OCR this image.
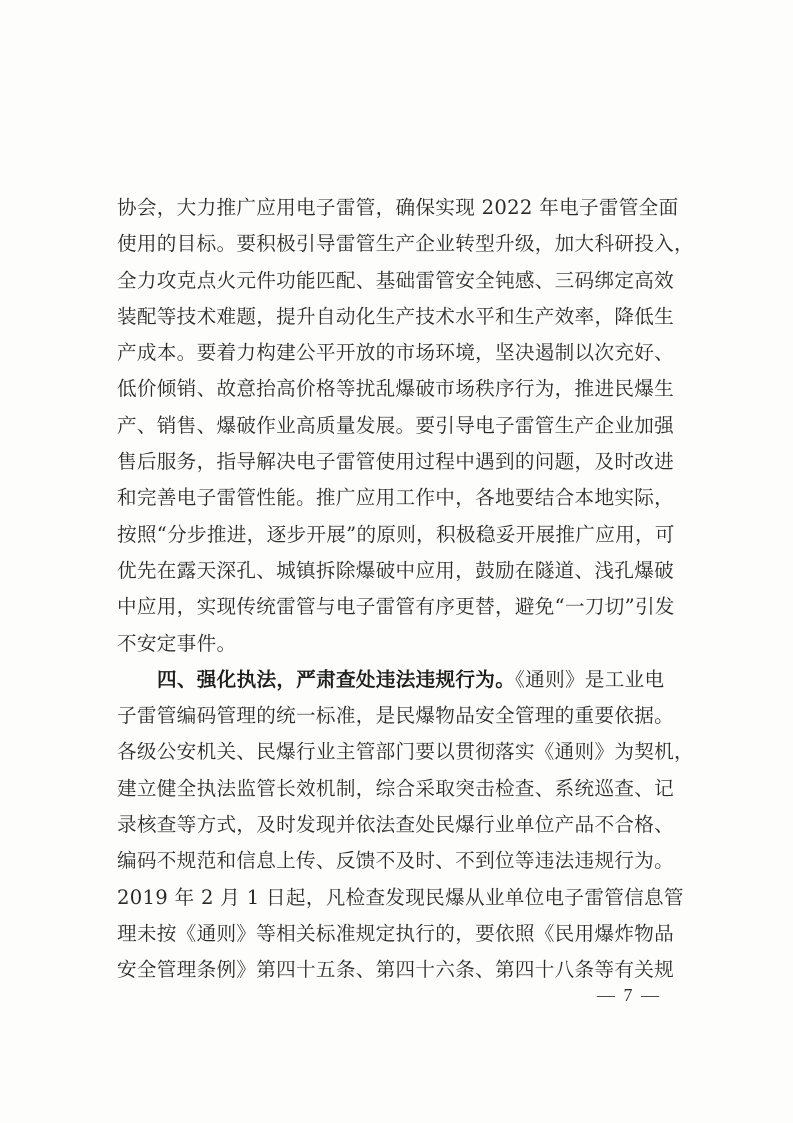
协会，大力推广应用电子雷管，确保实现 2022 年电子雷管全面
使用的目标。要积极引导雷管生产企业转型升级，加大科研投入，
全力攻克点火元件功能匹配、基础雷管安全钝感、三码绑定高效
装配等技术难题，提升自动化生产技术水平和生产效率，降低生
产成本。要着力构建公平开放的市场环境，坚决遏制以次充好、
低价倾销、故意抬高价格等扰乱爆破市场秩序行为，推进民爆生
产、销售、爆破作业高质量发展。要引导电子雷管生产企业加强
售后服务，指导解决电子雷管使用过程中遇到的问题，及时改进
和完善电子雷管性能。推广应用工作中，各地要结合本地实际，
按照“分步推进，逐步开展”的原则，积极稳妥开展推广应用，可
优先在露天深孔、城镇拆除爆破中应用，鼓励在隧道、浅孔爆破
中应用，实现传统雷管与电子雷管有序更替，避免“一刀切”引发
不安定事件。
四、强化执法，严肃查处违法违规行为。《通则》是工业电
子雷管编码管理的统一标准，是民爆物品安全管理的重要依据。
各级公安机关、民爆行业主管部门要以贯彻落实《通则》为契机，
建立健全执法监管长效机制，综合采取突击检查、系统巡查、记
录核查等方式，及时发现并依法查处民爆行业单位产品不合格、
编码不规范和信息上传、反馈不及时、不到位等违法违规行为。
2019 年 2 月 1 日起，凡检查发现民爆从业单位电子雷管信息管
理未按《通则》等相关标准规定执行的，要依照《民用爆炸物品
安全管理条例》第四十五条、第四十六条、第四十八条等有关规
— 7 —
